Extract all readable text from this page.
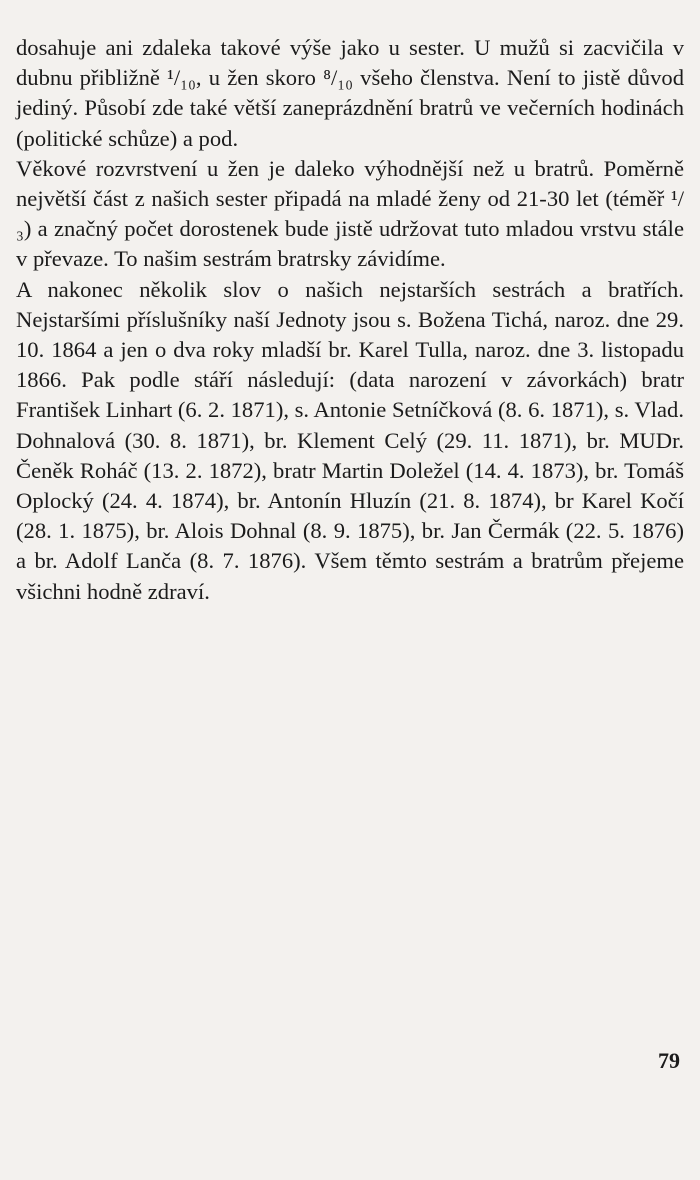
dosahuje ani zdaleka takové výše jako u sester. U mužů si zacvičila v dubnu přibližně ¹/₁₀, u žen skoro ⁸/₁₀ všeho členstva. Není to jistě důvod jediný. Působí zde také větší zaneprázdnění bratrů ve večerních hodinách (politické schůze) a pod.

Věkové rozvrstvení u žen je daleko výhodnější než u bratrů. Poměrně největší část z našich sester připadá na mladé ženy od 21-30 let (téměř ¹/₃) a značný počet dorostenek bude jistě udržovat tuto mladou vrstvu stále v převaze. To našim sestrám bratrsky závidíme.

A nakonec několik slov o našich nejstarších sestrách a bratřích. Nejstaršími příslušníky naší Jednoty jsou s. Božena Tichá, naroz. dne 29. 10. 1864 a jen o dva roky mladší br. Karel Tulla, naroz. dne 3. listopadu 1866. Pak podle stáří následují: (data narození v závorkách) bratr František Linhart (6. 2. 1871), s. Antonie Setníčková (8. 6. 1871), s. Vlad. Dohnalová (30. 8. 1871), br. Klement Celý (29. 11. 1871), br. MUDr. Čeněk Roháč (13. 2. 1872), bratr Martin Doležel (14. 4. 1873), br. Tomáš Oplocký (24. 4. 1874), br. Antonín Hluzín (21. 8. 1874), br Karel Kočí (28. 1. 1875), br. Alois Dohnal (8. 9. 1875), br. Jan Čermák (22. 5. 1876) a br. Adolf Lanča (8. 7. 1876). Všem těmto sestrám a bratrům přejeme všichni hodně zdraví.

79
